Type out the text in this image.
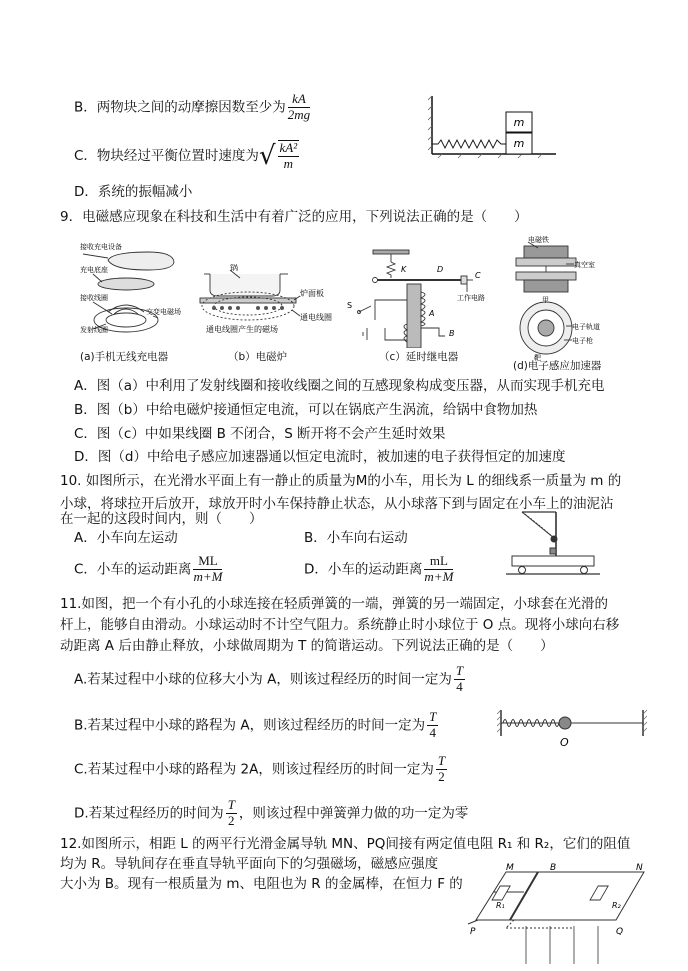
B．两物块之间的动摩擦因数至少为 $\frac{kA}{2mg}$
C．物块经过平衡位置时速度为√ $\frac{\text{kA²}}{m}$
D．系统的振幅减小
m
m
9．电磁感应现象在科技和生活中有着广泛的应用，下列说法正确的是（　　）
接收充电设备
充电底座
接收线圈
发射线圈
交变电磁场
(a)手机无线充电器
锅
炉面板
通电线圈
通电线圈产生的磁场
（b）电磁炉
K	D
C
工作电路
S
A
B
（c）延时继电器
电磁铁
真空室
甲
电子轨道
靶
电子枪
(d)电子感应加速器
A．图（a）中利用了发射线圈和接收线圈之间的互感现象构成变压器，从而实现手机充电
B．图（b）中给电磁炉接通恒定电流，可以在锅底产生涡流，给锅中食物加热
C．图（c）中如果线圈 B 不闭合，S 断开将不会产生延时效果
D．图（d）中给电子感应加速器通以恒定电流时，被加速的电子获得恒定的加速度
10. 如图所示，在光滑水平面上有一静止的质量为M的小车，用长为 L 的细线系一质量为 m 的
小球，将球拉开后放开，球放开时小车保持静止状态，从小球落下到与固定在小车上的油泥沾
在一起的这段时间内，则（　　）
A．小车向左运动	B．小车向右运动
C．小车的运动距离 $\frac{ML}{m+M}$	D．小车的运动距离 $\frac{mL}{m+M}$
11.如图，把一个有小孔的小球连接在轻质弹簧的一端，弹簧的另一端固定，小球套在光滑的
杆上，能够自由滑动。小球运动时不计空气阻力。系统静止时小球位于 O 点。现将小球向右移
动距离 A 后由静止释放，小球做周期为 T 的简谐运动。下列说法正确的是（　　）
A.若某过程中小球的位移大小为 A，则该过程经历的时间一定为 $\frac{T}{4}$
B.若某过程中小球的路程为 A，则该过程经历的时间一定为 $\frac{T}{4}$
C.若某过程中小球的路程为 2A，则该过程经历的时间一定为 $\frac{T}{2}$
D.若某过程经历的时间为 $\frac{T}{2}$ ，则该过程中弹簧弹力做的功一定为零
O
12.如图所示，相距 L 的两平行光滑金属导轨 MN、PQ间接有两定值电阻 R₁ 和 R₂，它们的阻值
均为 R。导轨间存在垂直导轨平面向下的匀强磁场，磁感应强度
大小为 B。现有一根质量为 m、电阻也为 R 的金属棒，在恒力 F 的
M	B	N
R₁	R₂
P	Q
